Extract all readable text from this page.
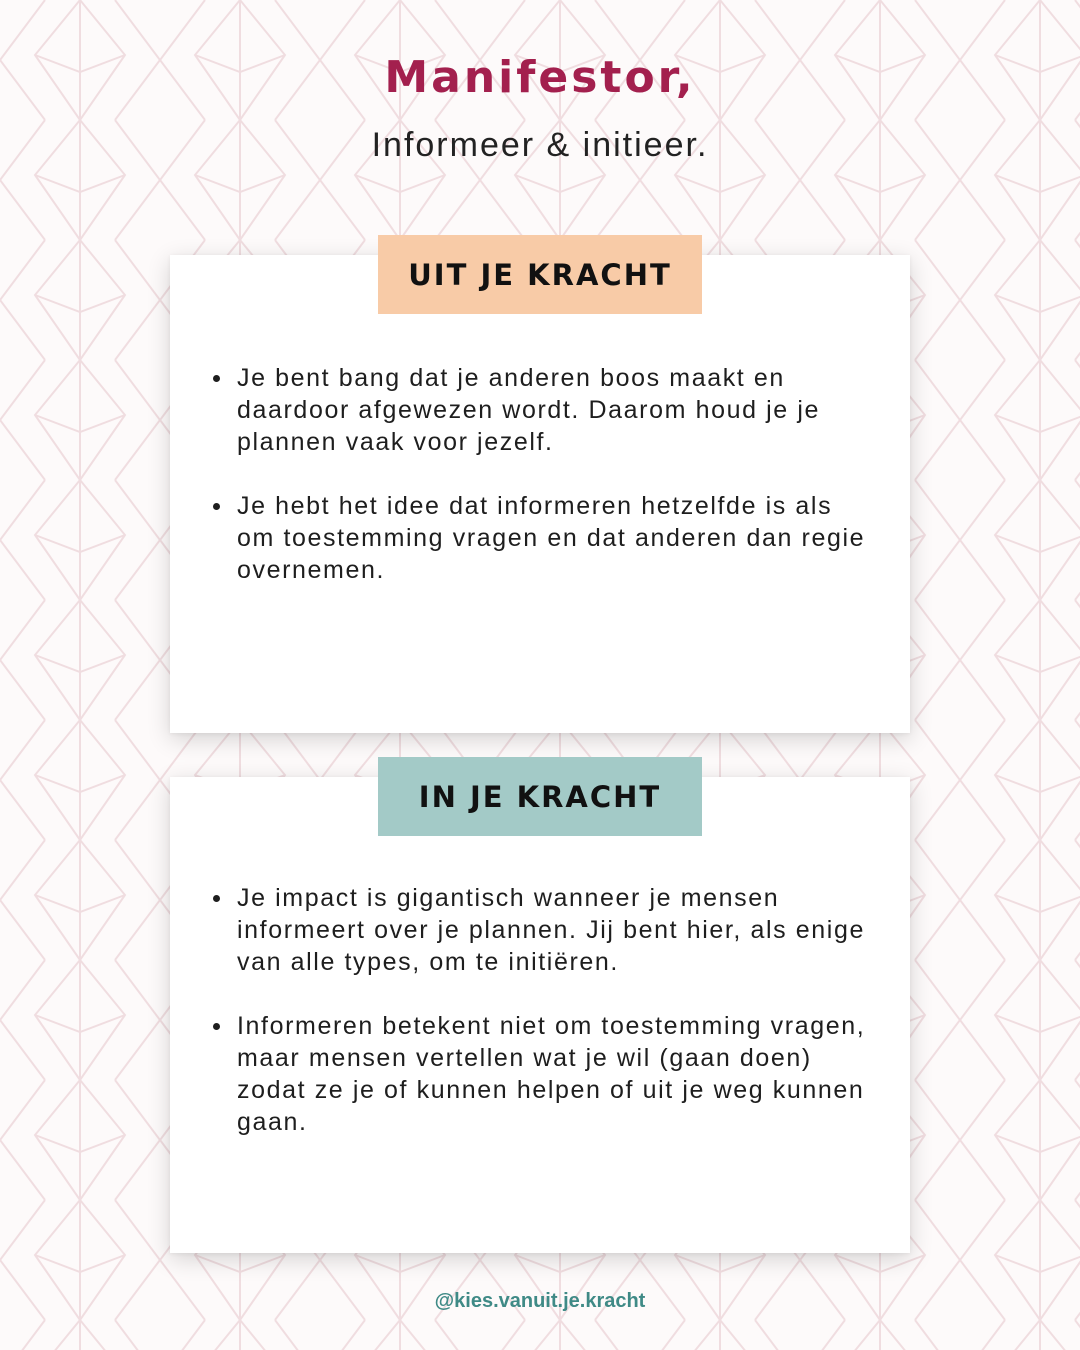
Manifestor,

Informeer & initieer.

UIT JE KRACHT
Je bent bang dat je anderen boos maakt en daardoor afgewezen wordt. Daarom houd je je plannen vaak voor jezelf.
Je hebt het idee dat informeren hetzelfde is als om toestemming vragen en dat anderen dan regie overnemen.
IN JE KRACHT
Je impact is gigantisch wanneer je mensen informeert over je plannen. Jij bent hier, als enige van alle types, om te initiëren.
Informeren betekent niet om toestemming vragen, maar mensen vertellen wat je wil (gaan doen) zodat ze je of kunnen helpen of uit je weg kunnen gaan.

@kies.vanuit.je.kracht
